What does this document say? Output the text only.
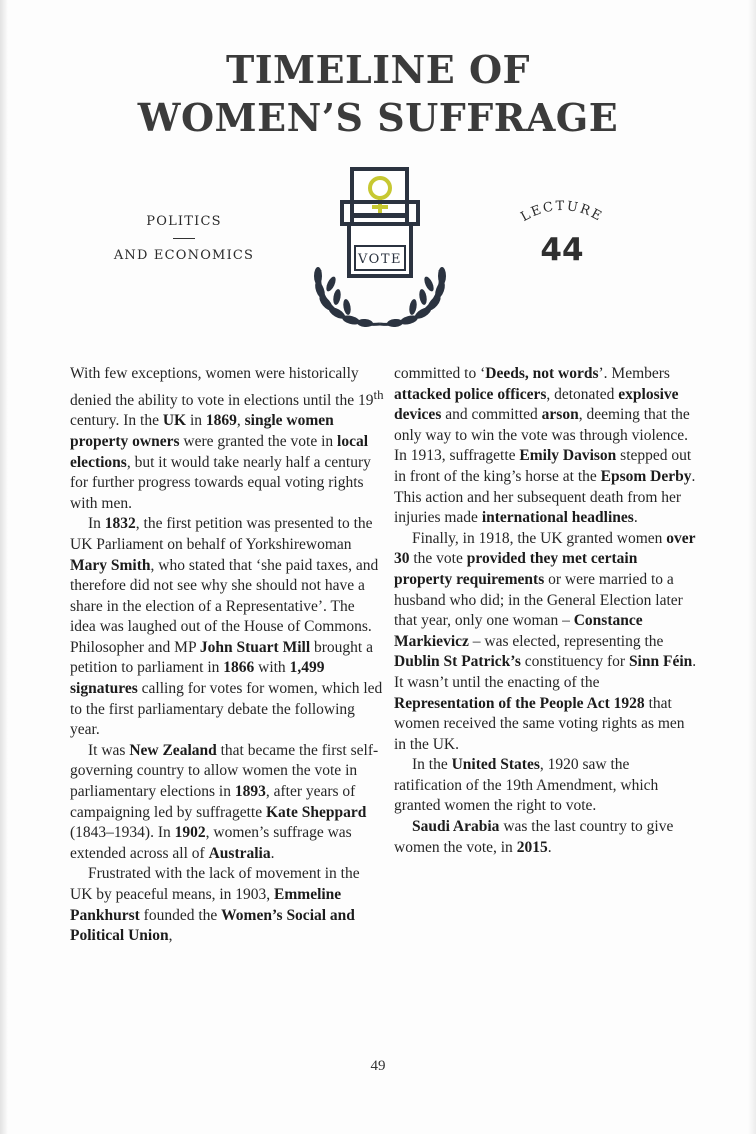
TIMELINE OF
WOMEN’S SUFFRAGE
POLITICS
AND ECONOMICS	VOTE
LECTURE

44

With few exceptions, women were historically denied the ability to vote in elections until the 19th century. In the UK in 1869, single women property owners were granted the vote in local elections, but it would take nearly half a century for further progress towards equal voting rights with men.

In 1832, the first petition was presented to the UK Parliament on behalf of Yorkshirewoman Mary Smith, who stated that ‘she paid taxes, and therefore did not see why she should not have a share in the election of a Representative’. The idea was laughed out of the House of Commons. Philosopher and MP John Stuart Mill brought a petition to parliament in 1866 with 1,499 signatures calling for votes for women, which led to the first parliamentary debate the following year.

It was New Zealand that became the first self-governing country to allow women the vote in parliamentary elections in 1893, after years of campaigning led by suffragette Kate Sheppard (1843–1934). In 1902, women’s suffrage was extended across all of Australia.

Frustrated with the lack of movement in the UK by peaceful means, in 1903, Emmeline Pankhurst founded the Women’s Social and Political Union,

committed to ‘Deeds, not words’. Members attacked police officers, detonated explosive devices and committed arson, deeming that the only way to win the vote was through violence. In 1913, suffragette Emily Davison stepped out in front of the king’s horse at the Epsom Derby. This action and her subsequent death from her injuries made international headlines.

Finally, in 1918, the UK granted women over 30 the vote provided they met certain property requirements or were married to a husband who did; in the General Election later that year, only one woman – Constance Markievicz – was elected, representing the Dublin St Patrick’s constituency for Sinn Féin. It wasn’t until the enacting of the Representation of the People Act 1928 that women received the same voting rights as men in the UK.

In the United States, 1920 saw the ratification of the 19th Amendment, which granted women the right to vote.

Saudi Arabia was the last country to give women the vote, in 2015.

49
